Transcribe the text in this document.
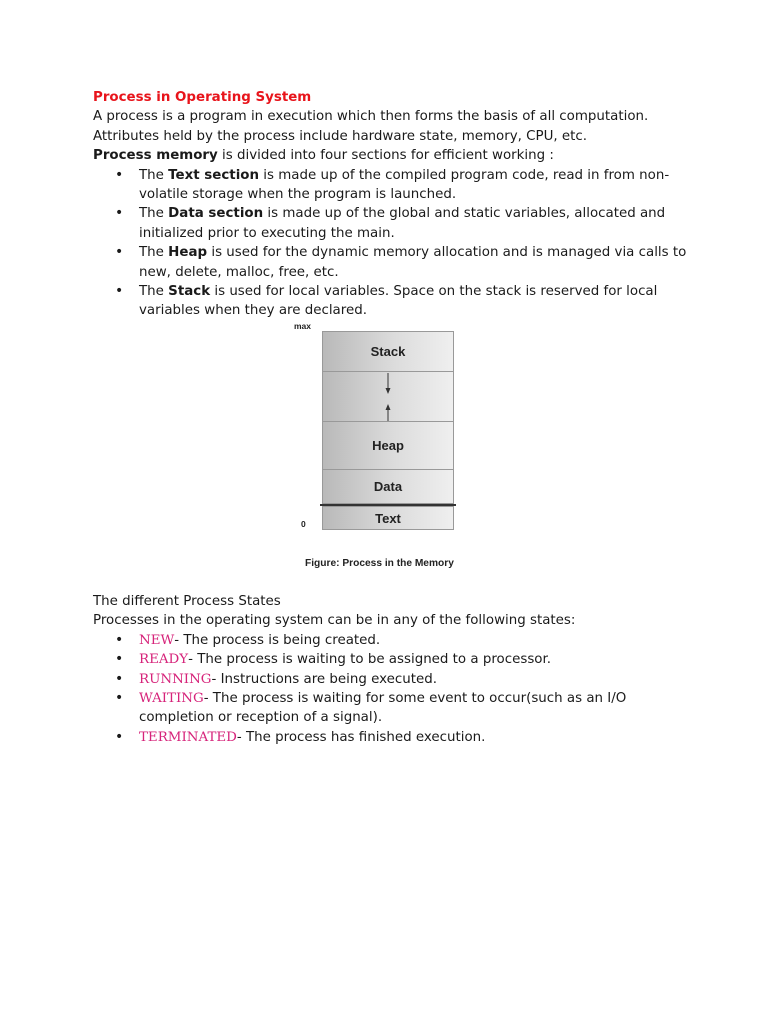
Process in Operating System

A process is a program in execution which then forms the basis of all computation.

Attributes held by the process include hardware state, memory, CPU, etc.

Process memory is divided into four sections for efficient working :

• The Text section is made up of the compiled program code, read in from non-volatile storage when the program is launched.
• The Data section is made up of the global and static variables, allocated and initialized prior to executing the main.
• The Heap is used for the dynamic memory allocation and is managed via calls to new, delete, malloc, free, etc.
• The Stack is used for local variables. Space on the stack is reserved for local variables when they are declared.
max
Stack
Heap
Data
Text
0
Figure: Process in the Memory

The different Process States

Processes in the operating system can be in any of the following states:

• NEW- The process is being created.
• READY- The process is waiting to be assigned to a processor.
• RUNNING- Instructions are being executed.
• WAITING- The process is waiting for some event to occur(such as an I/O completion or reception of a signal).
• TERMINATED- The process has finished execution.
